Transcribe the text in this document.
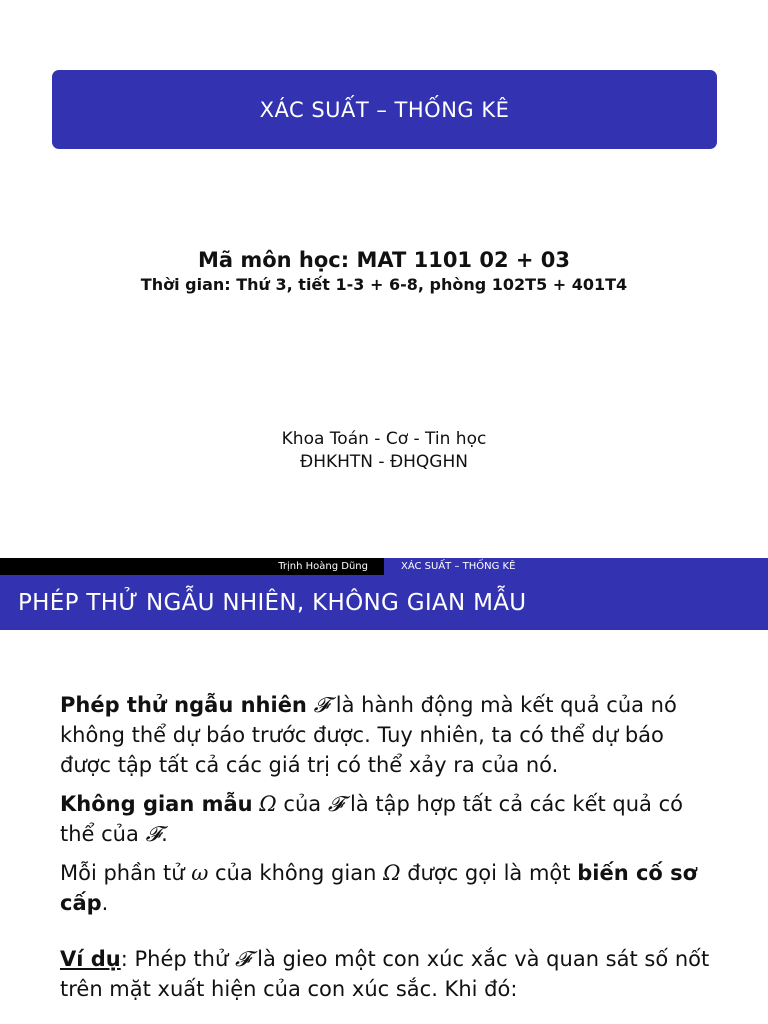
XÁC SUẤT – THỐNG KÊ
Mã môn học: MAT 1101 02 + 03
Thời gian: Thứ 3, tiết 1-3 + 6-8, phòng 102T5 + 401T4
Khoa Toán - Cơ - Tin học
ĐHKHTN - ĐHQGHN
Trịnh Hoàng Dũng	XÁC SUẤT – THỐNG KÊ
PHÉP THỬ NGẪU NHIÊN, KHÔNG GIAN MẪU

Phép thử ngẫu nhiên 𝓕 là hành động mà kết quả của nó không thể dự báo trước được. Tuy nhiên, ta có thể dự báo được tập tất cả các giá trị có thể xảy ra của nó.

Không gian mẫu Ω của 𝓕 là tập hợp tất cả các kết quả có thể của 𝓕.

Mỗi phần tử ω của không gian Ω được gọi là một biến cố sơ cấp.

Ví dụ: Phép thử 𝓕 là gieo một con xúc xắc và quan sát số nốt trên mặt xuất hiện của con xúc sắc. Khi đó:
